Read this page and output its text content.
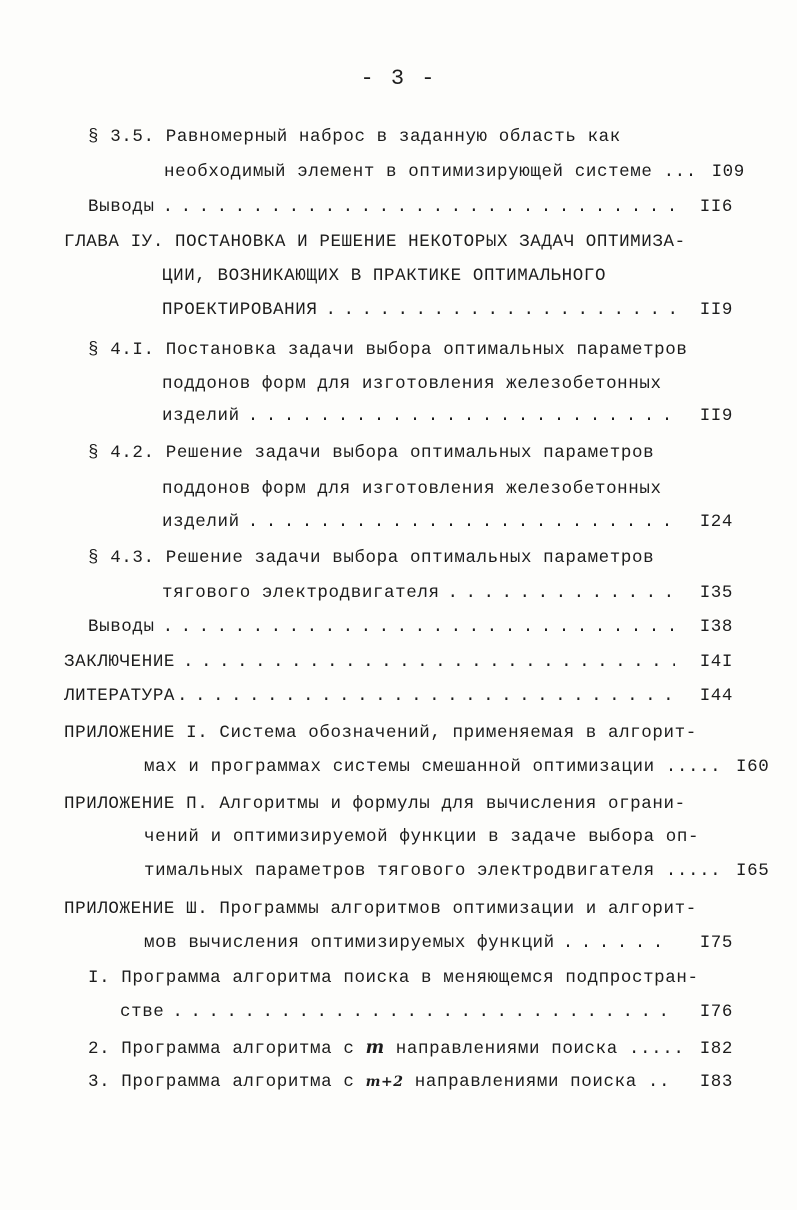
- 3 -
§ 3.5. Равномерный наброс в заданную область как
необходимый элемент в оптимизирующей системе ... I09
Выводы . . .	II6
ГЛАВА IУ. ПОСТАНОВКА И РЕШЕНИЕ НЕКОТОРЫХ ЗАДАЧ ОПТИМИЗА-
ЦИИ, ВОЗНИКАЮЩИХ В ПРАКТИКЕ ОПТИМАЛЬНОГО
ПРОЕКТИРОВАНИЯ . . .	II9
§ 4.I. Постановка задачи выбора оптимальных параметров
поддонов форм для изготовления железобетонных
изделий . . .	II9
§ 4.2. Решение задачи выбора оптимальных параметров
поддонов форм для изготовления железобетонных
изделий . . .	I24
§ 4.3. Решение задачи выбора оптимальных параметров
тягового электродвигателя . . .	I35
Выводы . . .	I38
ЗАКЛЮЧЕНИЕ . . .	I4I
ЛИТЕРАТУРА . . .	I44
ПРИЛОЖЕНИЕ I. Система обозначений, применяемая в алгорит-
мах и программах системы смешанной оптимизации ..... I60
ПРИЛОЖЕНИЕ П. Алгоритмы и формулы для вычисления ограни-
чений и оптимизируемой функции в задаче выбора оп-
тимальных параметров тягового электродвигателя ..... I65
ПРИЛОЖЕНИЕ Ш. Программы алгоритмов оптимизации и алгорит-
мов вычисления оптимизируемых функций . . .	I75
I. Программа алгоритма поиска в меняющемся подпростран-
стве . . .	I76
2. Программа алгоритма с m направлениями поиска ..... I82
3. Программа алгоритма с m+2 направлениями поиска ..	I83
